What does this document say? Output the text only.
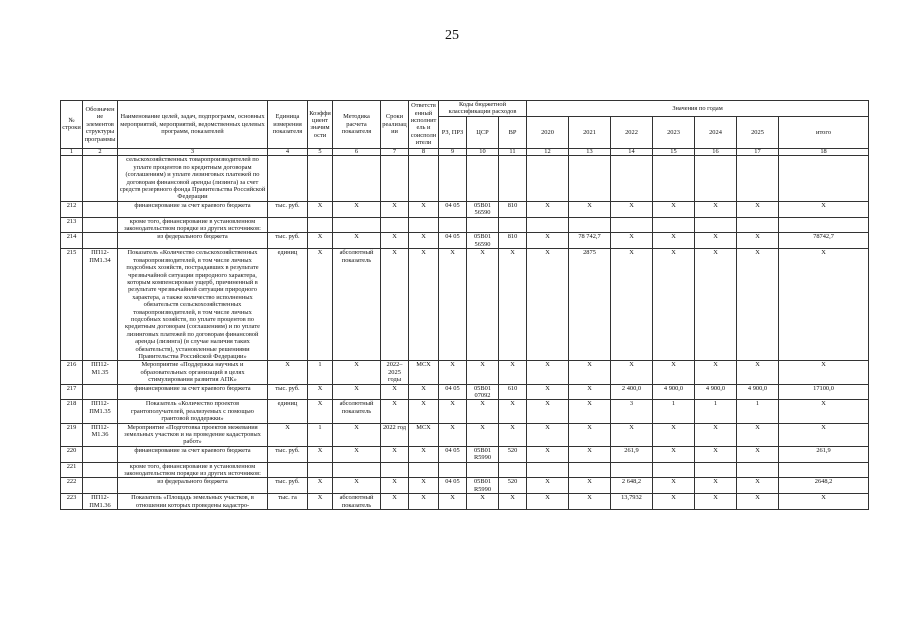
25
№ строки	Обозначение элементов структуры программы	Наименование целей, задач, подпрограмм, основных мероприятий, мероприятий, ведомственных целевых программ, показателей	Единица измерения показателя	Коэффициент значимости	Методика расчета показателя	Сроки реализации	Ответственный исполнитель и соисполнители	Коды бюджетной классификации расходов			Значения по годам						
								РЗ, ПРЗ	ЦСР	ВР	2020	2021	2022	2023	2024	2025	итого
1	2	3	4	5	6	7	8	9	10	11	12	13	14	15	16	17	18
		сельскохозяйственных товаропроизводителей по уплате процентов по кредитным договорам (соглашениям) и уплате лизинговых платежей по договорам финансовой аренды (лизинга) за счет средств резервного фонда Правительства Российской Федерации															
212		финансирование за счет краевого бюджета	тыс. руб.	X	X	X	X	04 05	05В01 56590	810	X	X	X	X	X	X	X
213		кроме того, финансирование в установленном законодательством порядке из других источников:															
214		из федерального бюджета	тыс. руб.	X	X	X	X	04 05	05В01 56590	810	X	78 742,7	X	X	X	X	78742,7
215	ПП12-ПМ1.34	Показатель «Количество сельскохозяйственных товаропроизводителей, в том числе личных подсобных хозяйств, пострадавших в результате чрезвычайной ситуации природного характера, которым компенсирован ущерб, причиненный в результате чрезвычайной ситуации природного характера, а также количество исполненных обязательств сельскохозяйственных товаропроизводителей, в том числе личных подсобных хозяйств, по уплате процентов по кредитным договорам (соглашениям) и по уплате лизинговых платежей по договорам финансовой аренды (лизинга) (в случае наличия таких обязательств), установленные решениями Правительства Российской Федерации»	единиц	X	абсолютный показатель	X	X	X	X	X	X	2875	X	X	X	X	X
216	ПП12-М1.35	Мероприятие «Поддержка научных и образовательных организаций в целях стимулирования развития АПК»	X	1	X	2022–2025 годы	МСХ	X	X	X	X	X	X	X	X	X	X
217		финансирование за счет краевого бюджета	тыс. руб.	X	X	X	X	04 05	05В01 07092	610	X	X	2 400,0	4 900,0	4 900,0	4 900,0	17100,0
218	ПП12-ПМ1.35	Показатель «Количество проектов грантополучателей, реализуемых с помощью грантовой поддержки»	единиц	X	абсолютный показатель	X	X	X	X	X	X	X	3	1	1	1	X
219	ПП12-М1.36	Мероприятие «Подготовка проектов межевания земельных участков и на проведение кадастровых работ»	X	1	X	2022 год	МСХ	X	X	X	X	X	X	X	X	X	X
220		финансирование за счет краевого бюджета	тыс. руб.	X	X	X	X	04 05	05В01 R5990	520	X	X	261,9	X	X	X	261,9
221		кроме того, финансирование в установленном законодательством порядке из других источников:															
222		из федерального бюджета	тыс. руб.	X	X	X	X	04 05	05В01 R5990	520	X	X	2 648,2	X	X	X	2648,2
223	ПП12-ПМ1.36	Показатель «Площадь земельных участков, в отношении которых проведены кадастро-	тыс. га	X	абсолютный показатель	X	X	X	X	X	X	X	13,7932	X	X	X	X
